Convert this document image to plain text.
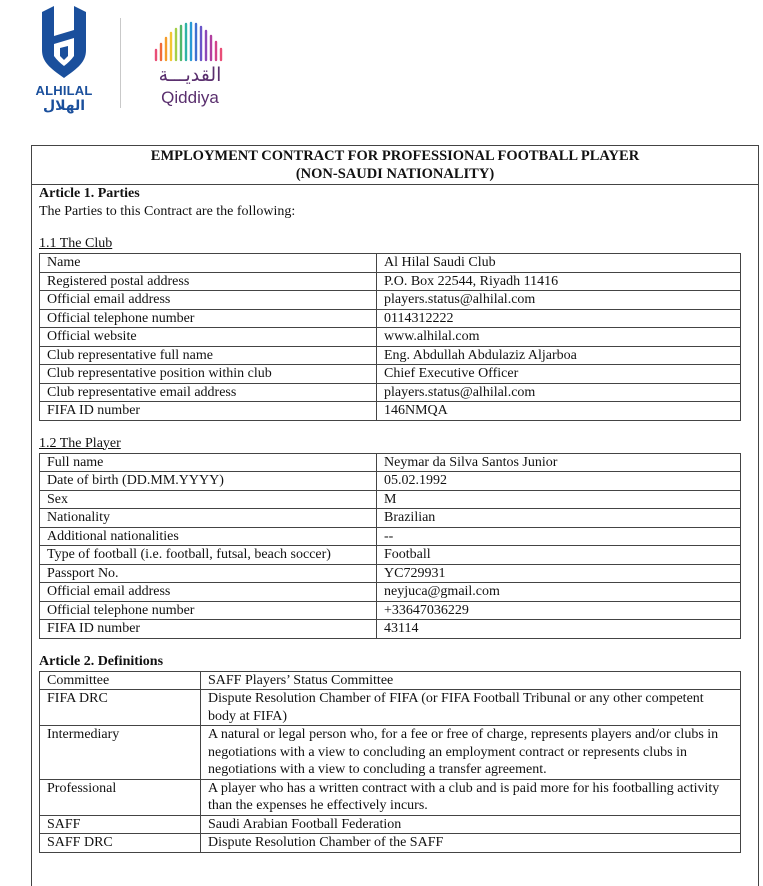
ALHILAL
الهلال
القديـــة
Qiddiya
EMPLOYMENT CONTRACT FOR PROFESSIONAL FOOTBALL PLAYER
(NON-SAUDI NATIONALITY)
Article 1. Parties
The Parties to this Contract are the following:
1.1 The Club
Name	Al Hilal Saudi Club
Registered postal address	P.O. Box 22544, Riyadh 11416
Official email address	players.status@alhilal.com
Official telephone number	0114312222
Official website	www.alhilal.com
Club representative full name	Eng. Abdullah Abdulaziz Aljarboa
Club representative position within club	Chief Executive Officer
Club representative email address	players.status@alhilal.com
FIFA ID number	146NMQA
1.2 The Player
Full name	Neymar da Silva Santos Junior
Date of birth (DD.MM.YYYY)	05.02.1992
Sex	M
Nationality	Brazilian
Additional nationalities	--
Type of football (i.e. football, futsal, beach soccer)	Football
Passport No.	YC729931
Official email address	neyjuca@gmail.com
Official telephone number	+33647036229
FIFA ID number	43114
Article 2. Definitions
Committee	SAFF Players’ Status Committee
FIFA DRC	Dispute Resolution Chamber of FIFA (or FIFA Football Tribunal or any other competent body at FIFA)
Intermediary	A natural or legal person who, for a fee or free of charge, represents players and/or clubs in negotiations with a view to concluding an employment contract or represents clubs in negotiations with a view to concluding a transfer agreement.
Professional	A player who has a written contract with a club and is paid more for his footballing activity than the expenses he effectively incurs.
SAFF	Saudi Arabian Football Federation
SAFF DRC	Dispute Resolution Chamber of the SAFF
